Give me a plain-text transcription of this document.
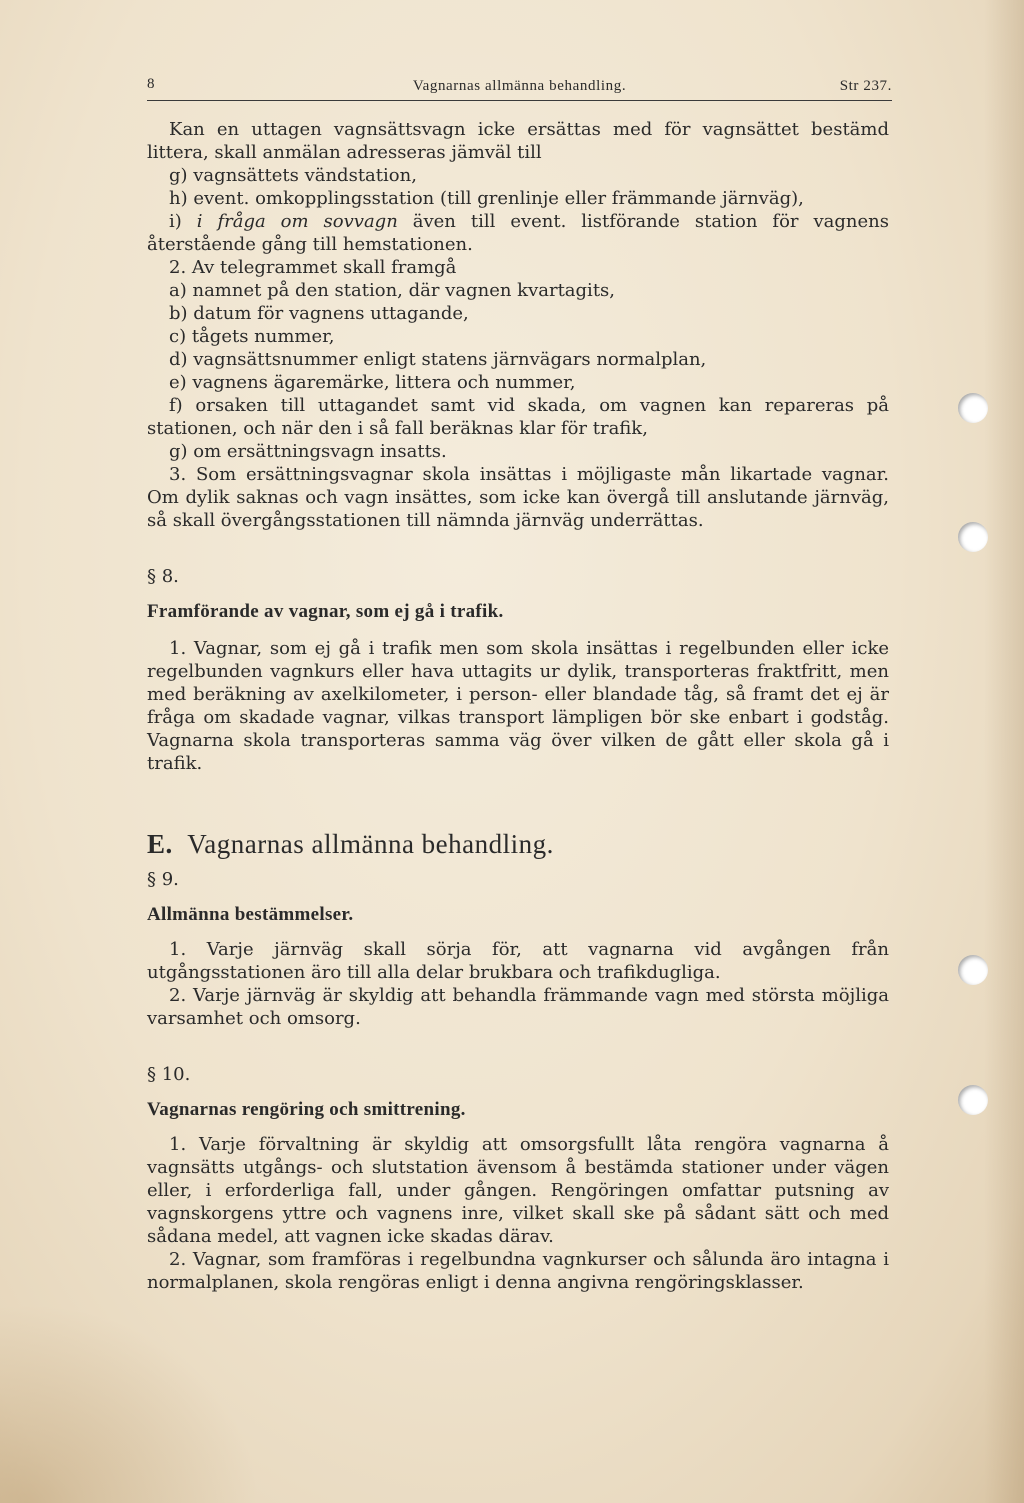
8	Vagnarnas allmänna behandling.	Str 237.

Kan en uttagen vagnsättsvagn icke ersättas med för vagnsättet bestämd littera, skall anmälan adresseras jämväl till

g) vagnsättets vändstation,

h) event. omkopplingsstation (till grenlinje eller främmande järnväg),

i) i fråga om sovvagn även till event. listförande station för vagnens återstående gång till hemstationen.

2. Av telegrammet skall framgå

a) namnet på den station, där vagnen kvartagits,

b) datum för vagnens uttagande,

c) tågets nummer,

d) vagnsättsnummer enligt statens järnvägars normalplan,

e) vagnens ägaremärke, littera och nummer,

f) orsaken till uttagandet samt vid skada, om vagnen kan repareras på stationen, och när den i så fall beräknas klar för trafik,

g) om ersättningsvagn insatts.

3. Som ersättningsvagnar skola insättas i möjligaste mån likartade vagnar. Om dylik saknas och vagn insättes, som icke kan övergå till anslutande järnväg, så skall övergångsstationen till nämnda järnväg underrättas.

§ 8.

Framförande av vagnar, som ej gå i trafik.

1. Vagnar, som ej gå i trafik men som skola insättas i regelbunden eller icke regelbunden vagnkurs eller hava uttagits ur dylik, transporteras fraktfritt, men med beräkning av axelkilometer, i person- eller blandade tåg, så framt det ej är fråga om skadade vagnar, vilkas transport lämpligen bör ske enbart i godståg. Vagnarna skola transporteras samma väg över vilken de gått eller skola gå i trafik.

E. Vagnarnas allmänna behandling.

§ 9.

Allmänna bestämmelser.

1. Varje järnväg skall sörja för, att vagnarna vid avgången från utgångsstationen äro till alla delar brukbara och trafikdugliga.

2. Varje järnväg är skyldig att behandla främmande vagn med största möjliga varsamhet och omsorg.

§ 10.

Vagnarnas rengöring och smittrening.

1. Varje förvaltning är skyldig att omsorgsfullt låta rengöra vagnarna å vagnsätts utgångs- och slutstation ävensom å bestämda stationer under vägen eller, i erforderliga fall, under gången. Rengöringen omfattar putsning av vagnskorgens yttre och vagnens inre, vilket skall ske på sådant sätt och med sådana medel, att vagnen icke skadas därav.

2. Vagnar, som framföras i regelbundna vagnkurser och sålunda äro intagna i normalplanen, skola rengöras enligt i denna angivna rengöringsklasser.
